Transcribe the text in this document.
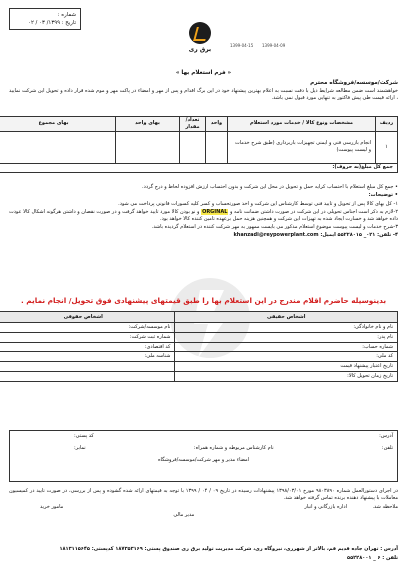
شماره :
تاریخ : ۱۳۹۹/ ۰۳ / ۰۲
برق ری
1399-04-15 1399-04-09
« فرم استعلام بها »
شرکت/موسسه/فروشگاه محترم
خواهشمند است ضمن مطالعه شرایط ذیل با دقت نسبت به اعلام بهترین پیشنهاد خود در این برگ اقدام و پس از مهر و امضاء در پاکت مهر و موم شده قرار داده و تحویل این شرکت نمایید ، ارائه قیمت طی پیش فاکتور به تنهایی مورد قبول نمی باشد.
ردیف	مشخصات ونوع کالا / خدمات مورد استعلام	واحد	تعداد/مقدار	بهای واحد	بهای مجموع
۱	انجام بازرسی فنی و ایمنی تجهیزات باربرداری (طبق شرح خدمات و لیست پیوست)				
جمع کل مبلغ(به حروف):					

• جمع کل مبلغ استعلام با احتساب کرایه حمل و تحویل در محل این شرکت و بدون احتساب ارزش افزوده لحاظ و درج گردد.

• توضیحات:

۱- کل بهای کالا پس از تحویل و تایید فنی توسط کارشناس این شرکت و اخذ صورتحساب و کسر کلیه کسورات قانونی پرداخت می شود.

۲-لازم به ذکر است اجناس تحویلی در این شرکت در صورت داشتن ضمانت نامه و ORGINAL و نو بودن کالا مورد تایید خواهد گرفت و در صورت نقصان و داشتن هرگونه اشکال کالا عودت داده خواهد شد و خسارت ایجاد شده به تهیزات این شرکت و همچنین هزینه حمل برعهده تامین کننده کالا خواهد بود.

۳-شرح خدمات و لیست پیوست موضوع استعلام مذکور می بایست ممهور به مهر شرکت کننده در استعلام گردیده باشد.

۴- تلفن: ۰۲۱_ ۵۵۲۲۸۰۱۵ ایمیل: khanzadi@reypowerplant.com

بدینوسیله حاضرم اقلام مندرج در این استعلام بها را طبق قیمتهای پیشنهادی فوق تحویل/ انجام نمایم .
اشخاص حقیقی	اشخاص حقوقی
نام و نام خانوادگی:	نام موسسه/شرکت:
نام پدر:	شماره ثبت شرکت:
شماره حساب:	کد اقتصادی:
کد ملی:	شناسه ملی:
تاریخ اعتبار پیشنهاد قیمت	
تاریخ زمان تحویل کالا:	
آدرس:
کد پستی:
تلفن:
نام کارشناس مربوطه و شماره همراه:
نمابر:
امضاء مدیر و مهر شرکت/موسسه/فروشگاه
در اجرای دستورالعمل شماره ۹۸۰۳۸۹۰ مورخ ۱۳۹۸/۰۳/۰۱ پیشنهادات رسیده در تاریخ ۰۹ / ۰۴ / ۱۳۹۹ با توجه به قیمتهای ارائه شده گشوده و پس از بررسی، در صورت تایید در کمیسیون معاملات با پیشنهاد دهنده برنده تماس گرفته خواهد شد.
ملاحظه شد.
اداره بازرگانی و انبار
مدیر مالی
مامور خرید
آدرس : تهران جاده قدیم قم، بالاتر از شهرری، نیروگاه ری، شرکت مدیریت تولید برق ری صندوق پستی: ۱۸۷۳۵۳۱۶۹ کدپستی: ۱۸۱۳۱۱۵۶۴۵
تلفن : ۶ _ ۵۵۲۲۸۰۰۱
